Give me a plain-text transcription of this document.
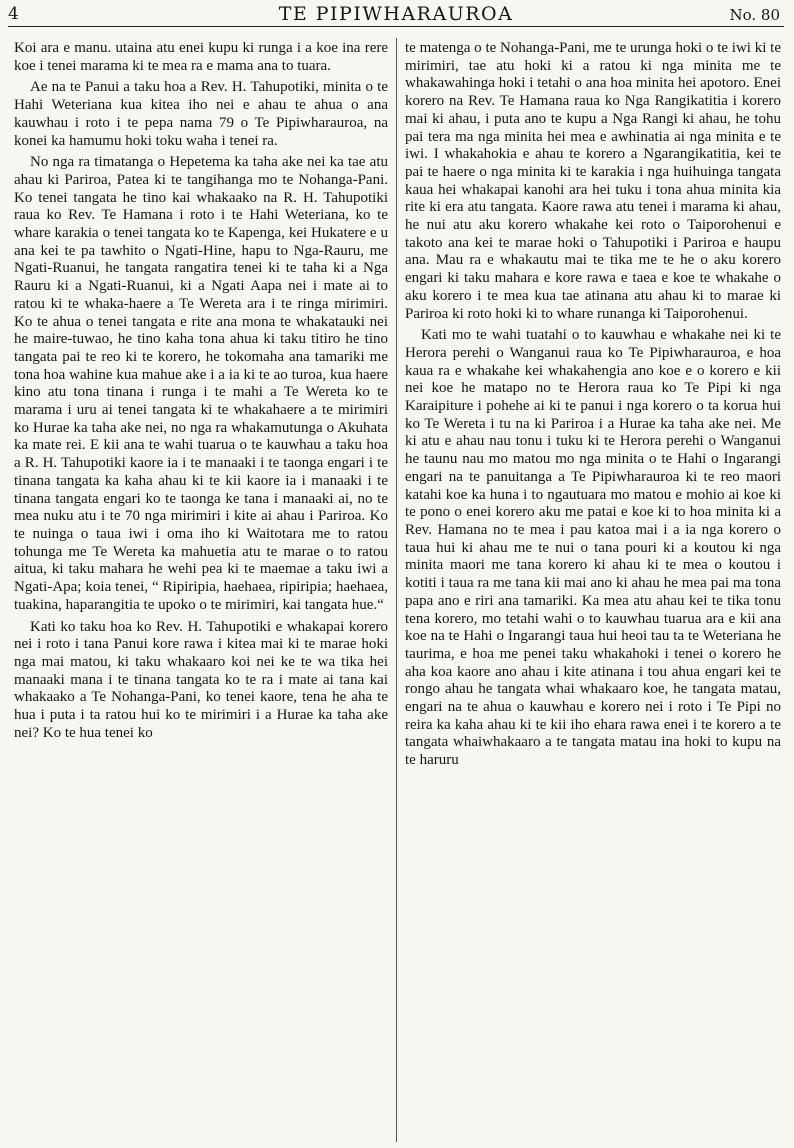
4	TE PIPIWHARAUROA	No. 80

Koi ara e manu. utaina atu enei kupu ki runga i a koe ina rere koe i tenei marama ki te mea ra e mama ana to tuara.

Ae na te Panui a taku hoa a Rev. H. Tahupotiki, minita o te Hahi Weteriana kua kitea iho nei e ahau te ahua o ana kauwhau i roto i te pepa nama 79 o Te Pipiwharauroa, na konei ka hamumu hoki toku waha i tenei ra.

No nga ra timatanga o Hepetema ka taha ake nei ka tae atu ahau ki Pariroa, Patea ki te tangihanga mo te Nohanga-Pani. Ko tenei tangata he tino kai whakaako na R. H. Tahupotiki raua ko Rev. Te Hamana i roto i te Hahi Weteriana, ko te whare karakia o tenei tangata ko te Kapenga, kei Hukatere e u ana kei te pa tawhito o Ngati-Hine, hapu to Nga-Rauru, me Ngati-Ruanui, he tangata rangatira tenei ki te taha ki a Nga Rauru ki a Ngati-Ruanui, ki a Ngati Aapa nei i mate ai to ratou ki te whaka-haere a Te Wereta ara i te ringa mirimiri. Ko te ahua o tenei tangata e rite ana mona te whakatauki nei he maire-tuwao, he tino kaha tona ahua ki taku titiro he tino tangata pai te reo ki te korero, he tokomaha ana tamariki me tona hoa wahine kua mahue ake i a ia ki te ao turoa, kua haere kino atu tona tinana i runga i te mahi a Te Wereta ko te marama i uru ai tenei tangata ki te whakahaere a te mirimiri ko Hurae ka taha ake nei, no nga ra whakamutunga o Akuhata ka mate rei. E kii ana te wahi tuarua o te kauwhau a taku hoa a R. H. Tahupotiki kaore ia i te manaaki i te taonga engari i te tinana tangata ka kaha ahau ki te kii kaore ia i manaaki i te tinana tangata engari ko te taonga ke tana i manaaki ai, no te mea nuku atu i te 70 nga mirimiri i kite ai ahau i Pariroa. Ko te nuinga o taua iwi i oma iho ki Waitotara me to ratou tohunga me Te Wereta ka mahuetia atu te marae o to ratou aitua, ki taku mahara he wehi pea ki te maemae a taku iwi a Ngati-Apa; koia tenei, “ Ripiripia, haehaea, ripiripia; haehaea, tuakina, haparangitia te upoko o te mirimiri, kai tangata hue.“

Kati ko taku hoa ko Rev. H. Tahupotiki e whakapai korero nei i roto i tana Panui kore rawa i kitea mai ki te marae hoki nga mai matou, ki taku whakaaro koi nei ke te wa tika hei manaaki mana i te tinana tangata ko te ra i mate ai tana kai whakaako a Te Nohanga-Pani, ko tenei kaore, tena he aha te hua i puta i ta ratou hui ko te mirimiri i a Hurae ka taha ake nei? Ko te hua tenei ko

te matenga o te Nohanga-Pani, me te urunga hoki o te iwi ki te mirimiri, tae atu hoki ki a ratou ki nga minita me te whakawahinga hoki i tetahi o ana hoa minita hei apotoro. Enei korero na Rev. Te Hamana raua ko Nga Rangikatitia i korero mai ki ahau, i puta ano te kupu a Nga Rangi ki ahau, he tohu pai tera ma nga minita hei mea e awhinatia ai nga minita e te iwi. I whakahokia e ahau te korero a Ngarangikatitia, kei te pai te haere o nga minita ki te karakia i nga huihuinga tangata kaua hei whakapai kanohi ara hei tuku i tona ahua minita kia rite ki era atu tangata. Kaore rawa atu tenei i marama ki ahau, he nui atu aku korero whakahe kei roto o Taiporohenui e takoto ana kei te marae hoki o Tahupotiki i Pariroa e haupu ana. Mau ra e whakautu mai te tika me te he o aku korero engari ki taku mahara e kore rawa e taea e koe te whakahe o aku korero i te mea kua tae atinana atu ahau ki to marae ki Pariroa ki roto hoki ki to whare runanga ki Taiporohenui.

Kati mo te wahi tuatahi o to kauwhau e whakahe nei ki te Herora perehi o Wanganui raua ko Te Pipiwharauroa, e hoa kaua ra e whakahe kei whakahengia ano koe e o korero e kii nei koe he matapo no te Herora raua ko Te Pipi ki nga Karaipiture i pohehe ai ki te panui i nga korero o ta korua hui ko Te Wereta i tu na ki Pariroa i a Hurae ka taha ake nei. Me ki atu e ahau nau tonu i tuku ki te Herora perehi o Wanganui he taunu nau mo matou mo nga minita o te Hahi o Ingarangi engari na te panuitanga a Te Pipiwharauroa ki te reo maori katahi koe ka huna i to ngautuara mo matou e mohio ai koe ki te pono o enei korero aku me patai e koe ki to hoa minita ki a Rev. Hamana no te mea i pau katoa mai i a ia nga korero o taua hui ki ahau me te nui o tana pouri ki a koutou ki nga minita maori me tana korero ki ahau ki te mea o koutou i kotiti i taua ra me tana kii mai ano ki ahau he mea pai ma tona papa ano e riri ana tamariki. Ka mea atu ahau kei te tika tonu tena korero, mo tetahi wahi o to kauwhau tuarua ara e kii ana koe na te Hahi o Ingarangi taua hui heoi tau ta te Weteriana he taurima, e hoa me penei taku whakahoki i tenei o korero he aha koa kaore ano ahau i kite atinana i tou ahua engari kei te rongo ahau he tangata whai whakaaro koe, he tangata matau, engari na te ahua o kauwhau e korero nei i roto i Te Pipi no reira ka kaha ahau ki te kii iho ehara rawa enei i te korero a te tangata whaiwhakaaro a te tangata matau ina hoki to kupu na te haruru
